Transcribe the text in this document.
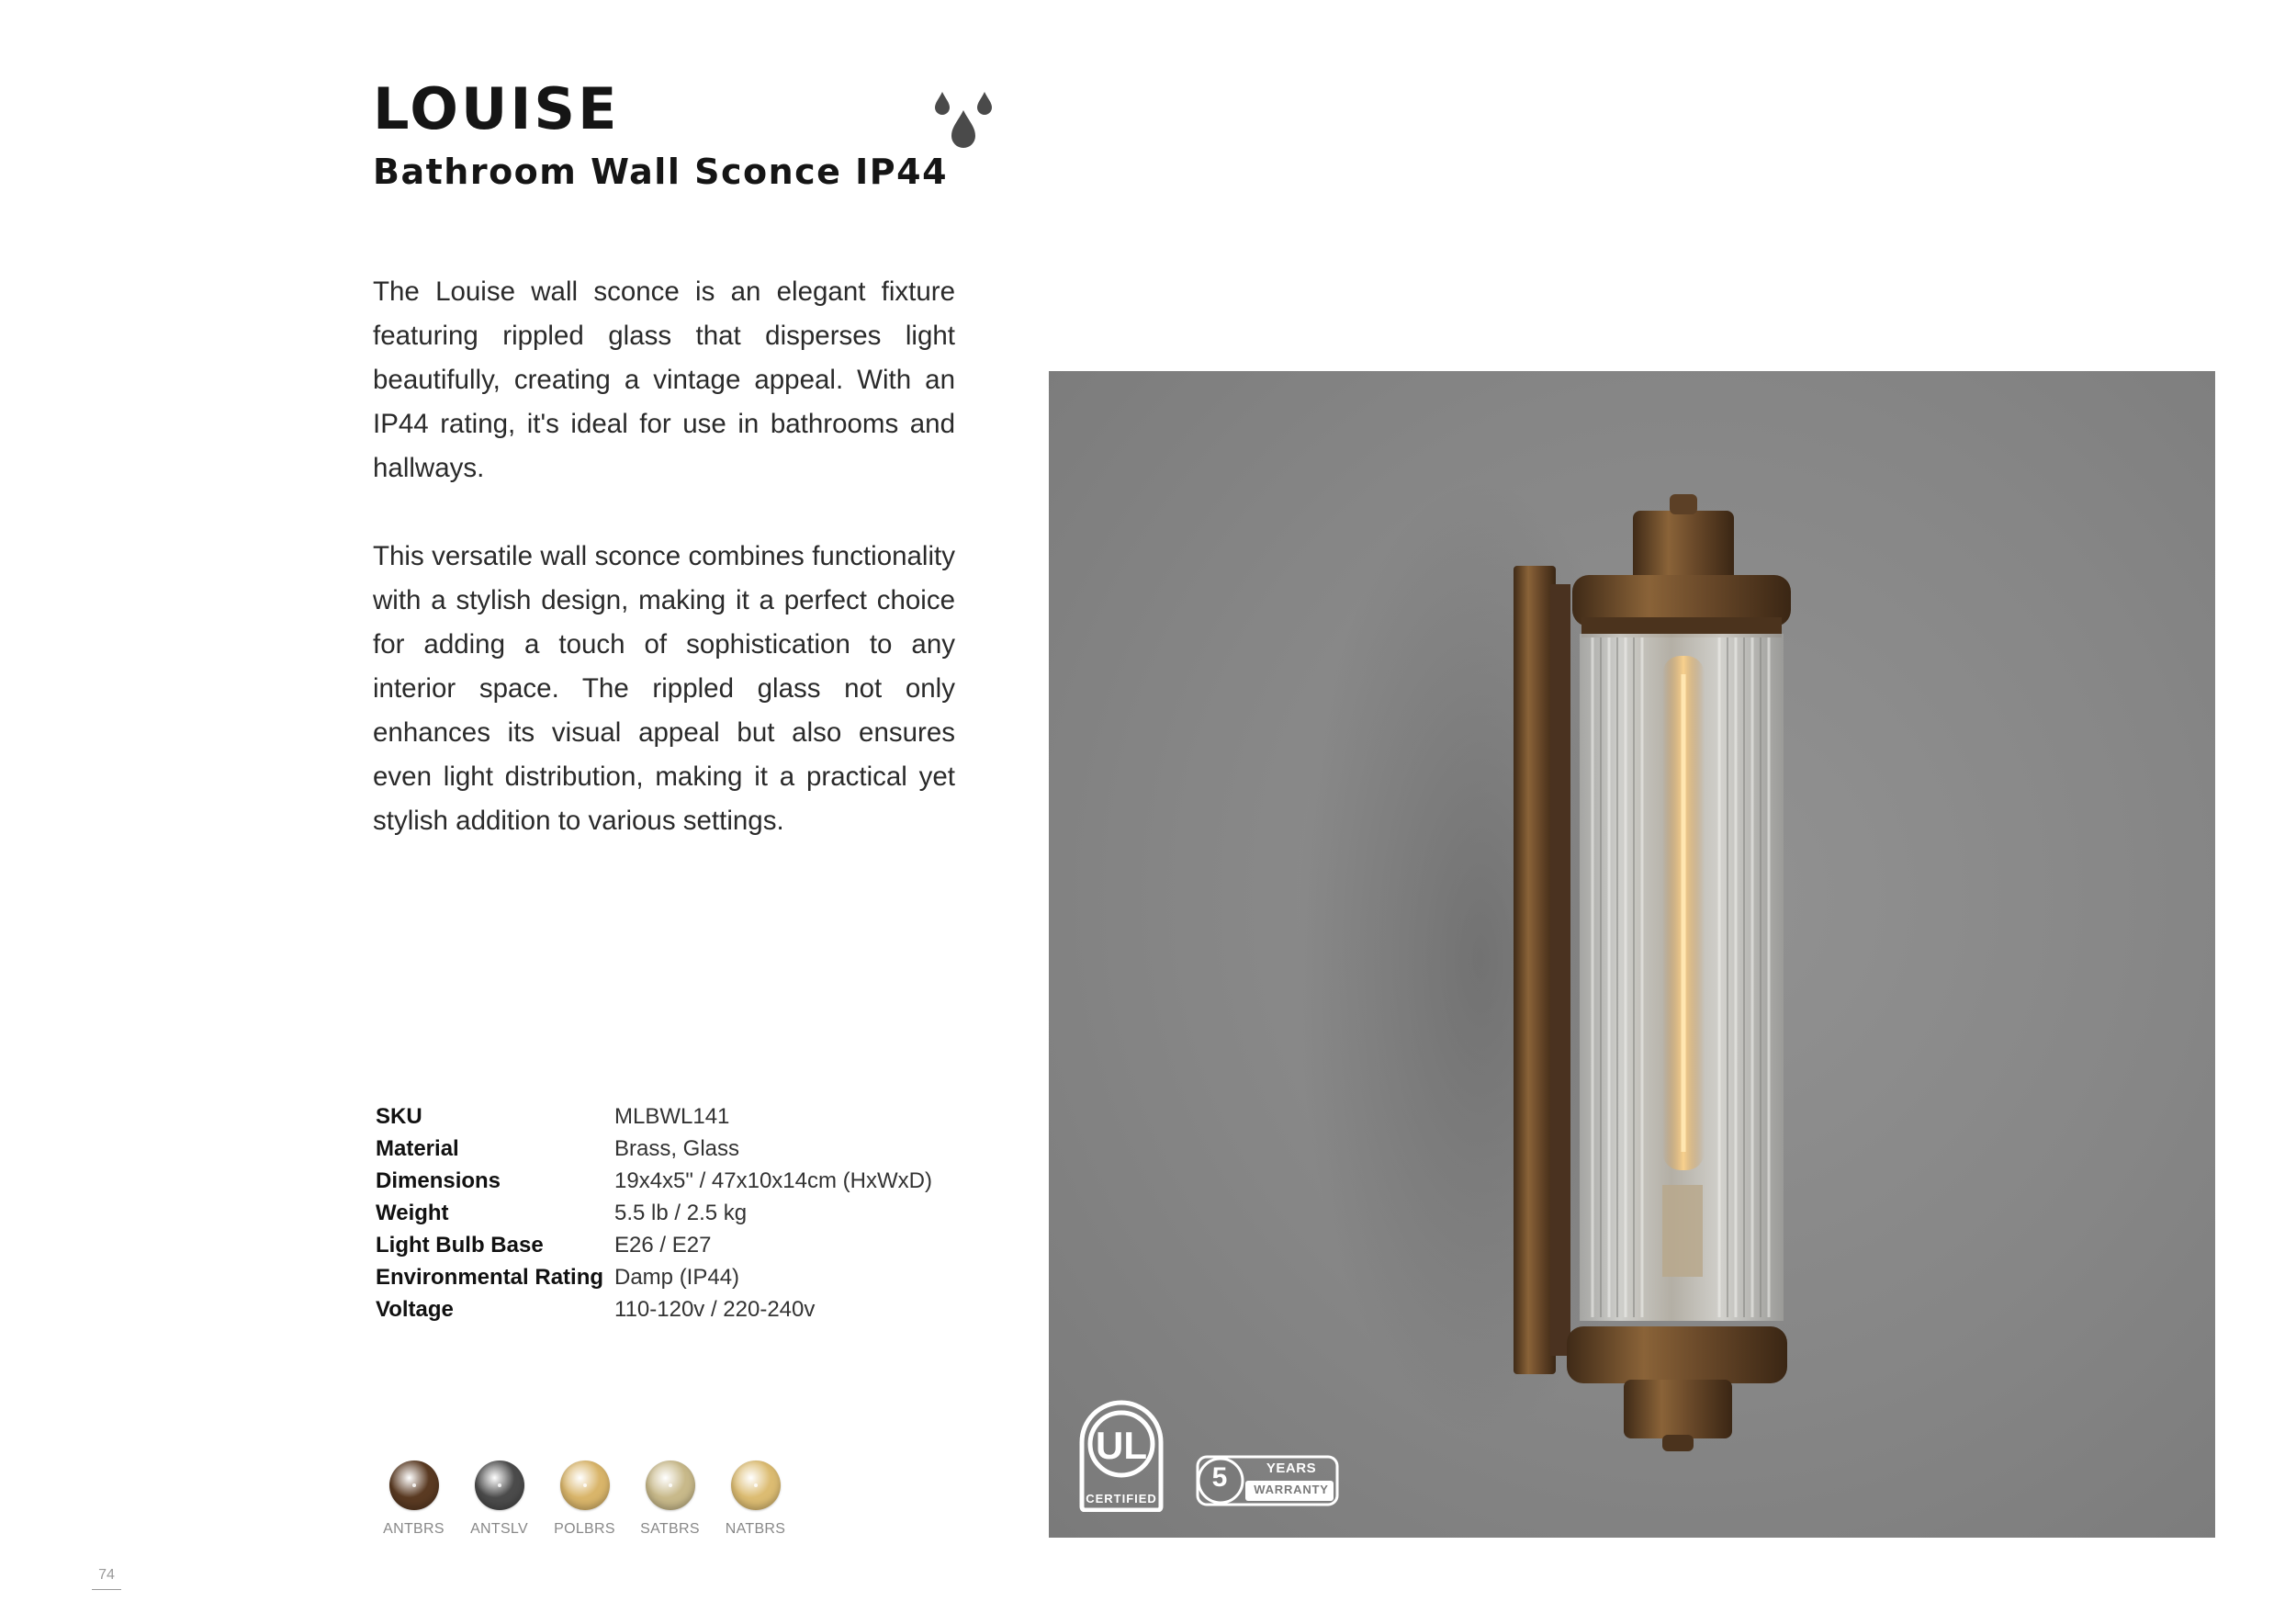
LOUISE
Bathroom Wall Sconce IP44

The Louise wall sconce is an elegant fixture featuring rippled glass that disperses light beautifully, creating a vintage appeal. With an IP44 rating, it's ideal for use in bathrooms and hallways.

This versatile wall sconce combines functionality with a stylish design, making it a perfect choice for adding a touch of sophistication to any interior space. The rippled glass not only enhances its visual appeal but also ensures even light distribution, making it a practical yet stylish addition to various settings.

SKU	MLBWL141
Material	Brass, Glass
Dimensions	19x4x5" / 47x10x14cm (HxWxD)
Weight	5.5 lb / 2.5 kg
Light Bulb Base	E26 / E27
Environmental Rating	Damp (IP44)
Voltage	110-120v / 220-240v
ANTBRS ANTSLV POLBRS SATBRS NATBRS
74
UL
CERTIFIED
5	YEARS
WARRANTY
